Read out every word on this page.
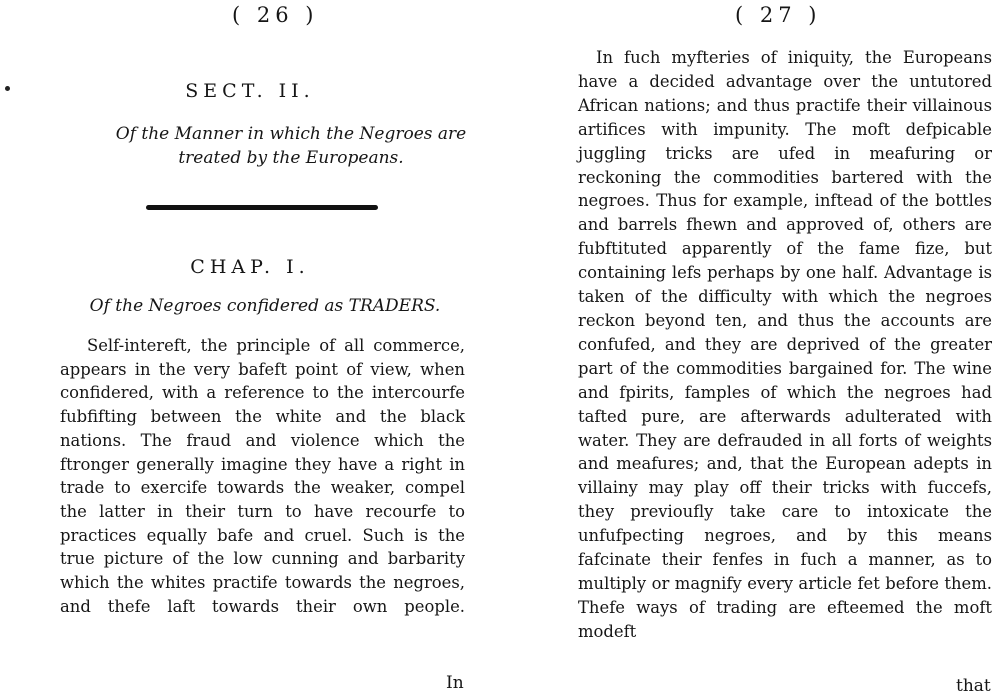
( 26 )
SECT. II.
Of the Manner in which the Negroes are treated by the Europeans.
CHAP. I.
Of the Negroes confidered as TRADERS.

Self-intereft, the principle of all commerce, appears in the very bafeft point of view, when confidered, with a reference to the intercourfe fubfifting between the white and the black nations. The fraud and violence which the ftronger generally imagine they have a right in trade to exercife towards the weaker, compel the latter in their turn to have recourfe to practices equally bafe and cruel. Such is the true picture of the low cunning and barbarity which the whites practife towards the negroes, and thefe laft towards their own people.

In
( 27 )

In fuch myfteries of iniquity, the Europeans have a decided advantage over the untutored African nations; and thus practife their villainous artifices with impunity. The moft defpicable juggling tricks are ufed in meafuring or reckoning the commodities bartered with the negroes. Thus for example, inftead of the bottles and barrels fhewn and approved of, others are fubftituted apparently of the fame fize, but containing lefs perhaps by one half. Advantage is taken of the difficulty with which the negroes reckon beyond ten, and thus the accounts are confufed, and they are deprived of the greater part of the commodities bargained for. The wine and fpirits, famples of which the negroes had tafted pure, are afterwards adulterated with water. They are defrauded in all forts of weights and meafures; and, that the European adepts in villainy may play off their tricks with fuccefs, they previoufly take care to intoxicate the unfufpecting negroes, and by this means fafcinate their fenfes in fuch a manner, as to multiply or magnify every article fet before them. Thefe ways of trading are efteemed the moft modeft

that
